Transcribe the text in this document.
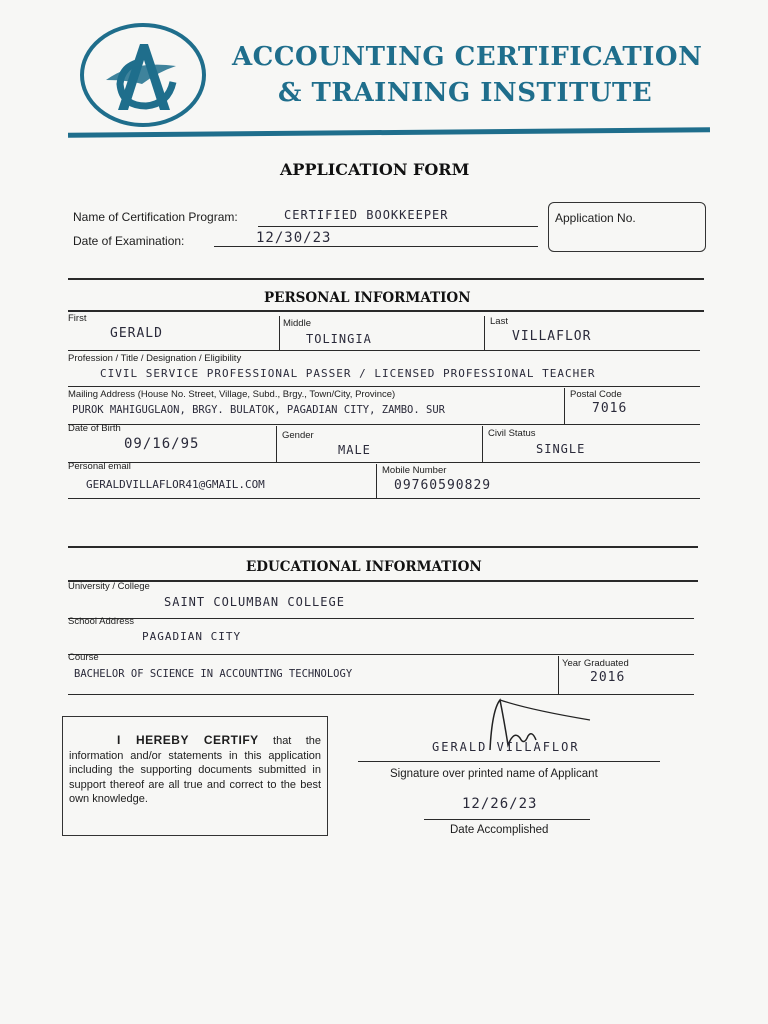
ACCOUNTING CERTIFICATION
& TRAINING INSTITUTE
APPLICATION FORM
Name of Certification Program:	CERTIFIED BOOKKEEPER
Date of Examination:	12/30/23
Application No.
PERSONAL INFORMATION
First	Middle	Last
GERALD	TOLINGIA	VILLAFLOR
Profession / Title / Designation / Eligibility
CIVIL SERVICE PROFESSIONAL PASSER / LICENSED PROFESSIONAL TEACHER
Mailing Address (House No. Street, Village, Subd., Brgy., Town/City, Province)
PUROK MAHIGUGLAON, BRGY. BULATOK, PAGADIAN CITY, ZAMBO. SUR
Postal Code
7016
Date of Birth
09/16/95
Gender
MALE
Civil Status
SINGLE
Personal email
GERALDVILLAFLOR41@GMAIL.COM
Mobile Number
09760590829
EDUCATIONAL INFORMATION
University / College
SAINT COLUMBAN COLLEGE
School Address
PAGADIAN CITY
Course
BACHELOR OF SCIENCE IN ACCOUNTING TECHNOLOGY
Year Graduated
2016
I HEREBY CERTIFY that the information and/or statements in this application including the supporting documents submitted in support thereof are all true and correct to the best own knowledge.
GERALD VILLAFLOR
Signature over printed name of Applicant
12/26/23
Date Accomplished
